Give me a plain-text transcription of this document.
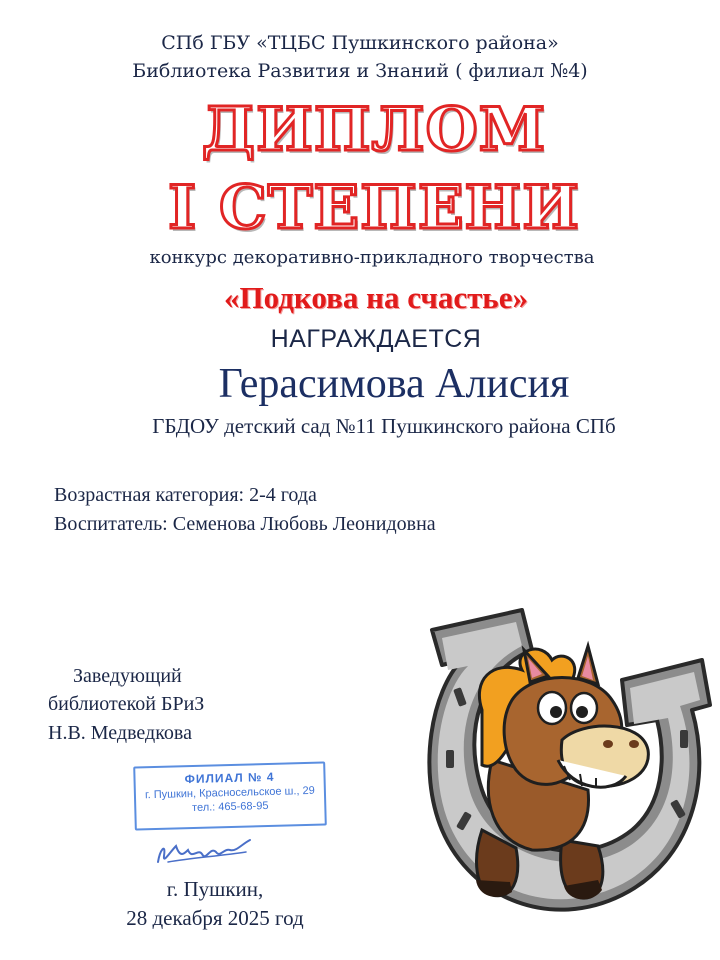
СПб ГБУ «ТЦБС Пушкинского района»
Библиотека Развития и Знаний ( филиал №4)
ДИПЛОМ
I СТЕПЕНИ
конкурс декоративно-прикладного творчества
«Подкова на счастье»
НАГРАЖДАЕТСЯ
Герасимова Алисия
ГБДОУ детский сад №11 Пушкинского района СПб
Возрастная категория: 2-4 года
Воспитатель: Семенова Любовь Леонидовна
Заведующий
библиотекой БРиЗ
Н.В. Медведкова
ФИЛИАЛ № 4
г. Пушкин, Красносельское ш., 29
тел.: 465-68-95
г. Пушкин,
28 декабря 2025 год
